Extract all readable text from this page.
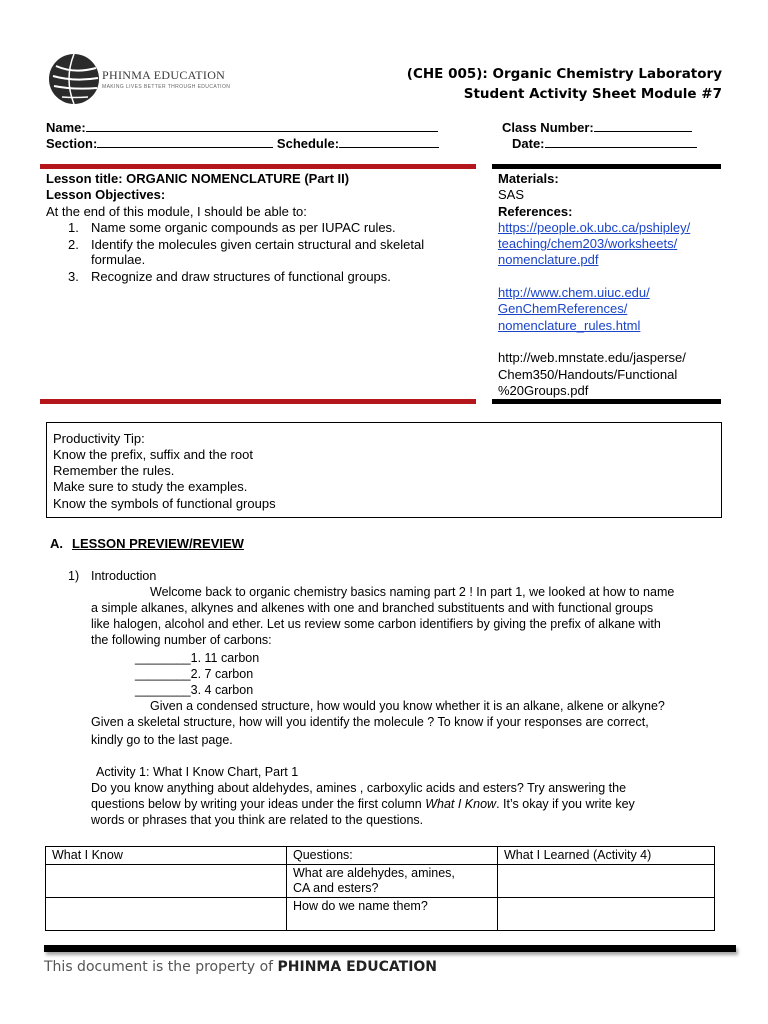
PHINMA EDUCATION
MAKING LIVES BETTER THROUGH EDUCATION
(CHE 005): Organic Chemistry Laboratory
Student Activity Sheet Module #7
Name:
Section:	Schedule:
Class Number:
Date:
Lesson title: ORGANIC NOMENCLATURE (Part II)
Lesson Objectives:
At the end of this module, I should be able to:
1. Name some organic compounds as per IUPAC rules.
2. Identify the molecules given certain structural and skeletal
formulae.
3. Recognize and draw structures of functional groups.
Materials:
SAS
References:
https://people.ok.ubc.ca/pshipley/
teaching/chem203/worksheets/
nomenclature.pdf
http://www.chem.uiuc.edu/
GenChemReferences/
nomenclature_rules.html
http://web.mnstate.edu/jasperse/
Chem350/Handouts/Functional
%20Groups.pdf
Productivity Tip:
Know the prefix, suffix and the root
Remember the rules.
Make sure to study the examples.
Know the symbols of functional groups
A. LESSON PREVIEW/REVIEW
1) Introduction
Welcome back to organic chemistry basics naming part 2 ! In part 1, we looked at how to name
a simple alkanes, alkynes and alkenes with one and branched substituents and with functional groups
like halogen, alcohol and ether. Let us review some carbon identifiers by giving the prefix of alkane with
the following number of carbons:
________1. 11 carbon
________2. 7 carbon
________3. 4 carbon
Given a condensed structure, how would you know whether it is an alkane, alkene or alkyne?
Given a skeletal structure, how will you identify the molecule ? To know if your responses are correct,
kindly go to the last page.
Activity 1: What I Know Chart, Part 1
Do you know anything about aldehydes, amines , carboxylic acids and esters? Try answering the
questions below by writing your ideas under the first column What I Know. It’s okay if you write key
words or phrases that you think are related to the questions.
What I Know	Questions:	What I Learned (Activity 4)
	What are aldehydes, amines,
CA and esters?	
	How do we name them?	
This document is the property of PHINMA EDUCATION
